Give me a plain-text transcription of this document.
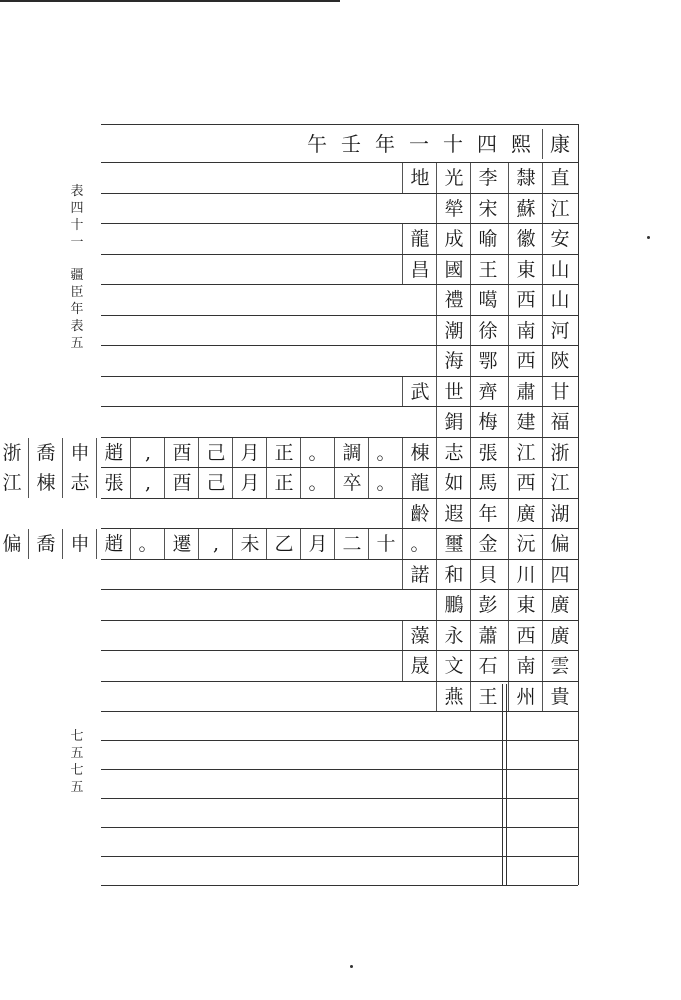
表
四
十
一

疆
臣
年
表
五
七
五
七
五
康
熙
四
十
一
年
壬
午
直
隸
李
光
地
江
蘇
宋
犖
安
徽
喻
成
龍
山
東
王
國
昌
山
西
噶
禮
河
南
徐
潮
陝
西
鄂
海
甘
肅
齊
世
武
福
建
梅
鋗
浙
江
張
志
棟
。
調
。
正
月
己
酉
,
趙
申
喬
浙
江
西
馬
如
龍
。
卒
。
正
月
己
酉
,
張
志
棟
江
湖
廣
年
遐
齡
偏
沅
金
璽
。
十
二
月
乙
未
,
遷
。
趙
申
喬
偏
四
川
貝
和
諾
廣
東
彭
鵬
廣
西
蕭
永
藻
雲
南
石
文
晟
貴
州
王
燕
